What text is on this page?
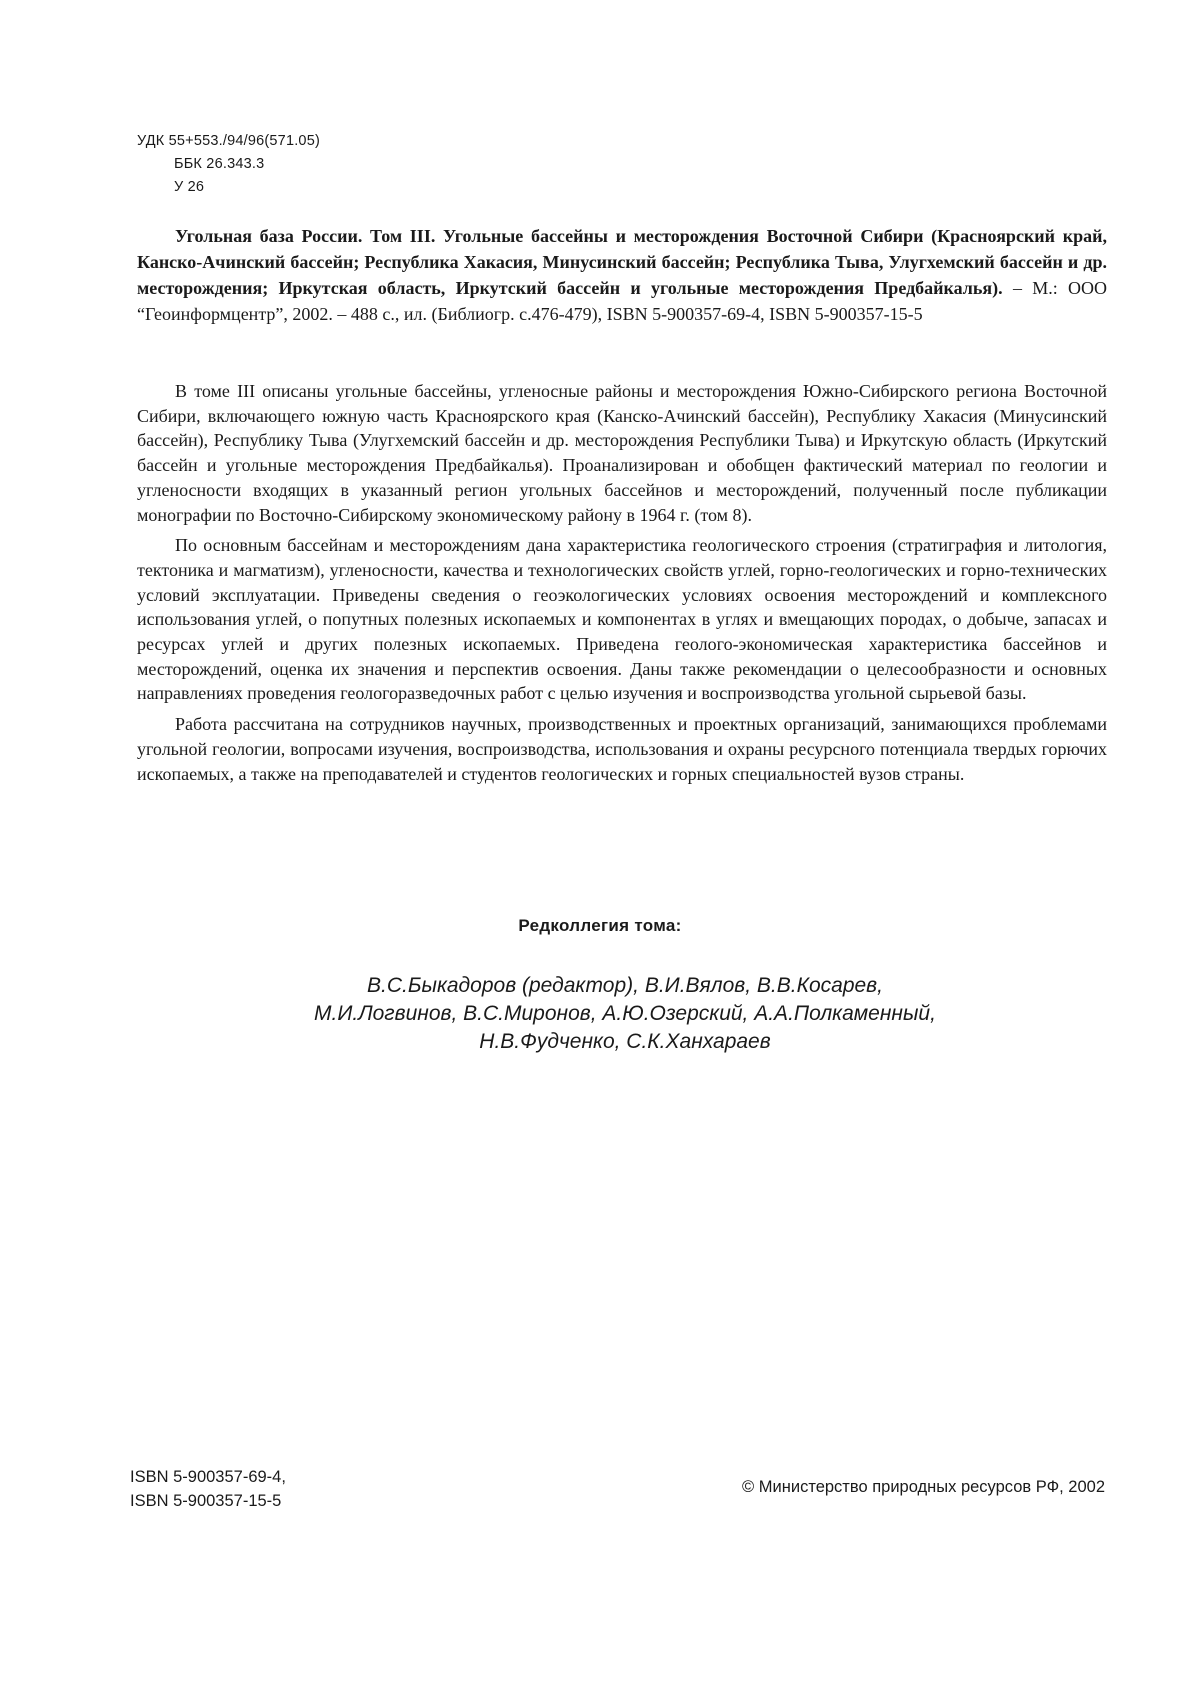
УДК 55+553./94/96(571.05)
ББК 26.343.3
У 26
Угольная база России. Том III. Угольные бассейны и месторождения Восточной Сибири (Красноярский край, Канско-Ачинский бассейн; Республика Хакасия, Минусинский бассейн; Республика Тыва, Улугхемский бассейн и др. месторождения; Иркутская область, Иркутский бассейн и угольные месторождения Предбайкалья). – М.: ООО “Геоинформцентр”, 2002. – 488 с., ил. (Библиогр. с.476-479), ISBN 5-900357-69-4, ISBN 5-900357-15-5

В томе III описаны угольные бассейны, угленосные районы и месторождения Южно-Сибирского региона Восточной Сибири, включающего южную часть Красноярского края (Канско-Ачинский бассейн), Республику Хакасия (Минусинский бассейн), Республику Тыва (Улугхемский бассейн и др. месторождения Республики Тыва) и Иркутскую область (Иркутский бассейн и угольные месторождения Предбайкалья). Проанализирован и обобщен фактический материал по геологии и угленосности входящих в указанный регион угольных бассейнов и месторождений, полученный после публикации монографии по Восточно-Сибирскому экономическому району в 1964 г. (том 8).

По основным бассейнам и месторождениям дана характеристика геологического строения (стратиграфия и литология, тектоника и магматизм), угленосности, качества и технологических свойств углей, горно-геологических и горно-технических условий эксплуатации. Приведены сведения о геоэкологических условиях освоения месторождений и комплексного использования углей, о попутных полезных ископаемых и компонентах в углях и вмещающих породах, о добыче, запасах и ресурсах углей и других полезных ископаемых. Приведена геолого-экономическая характеристика бассейнов и месторождений, оценка их значения и перспектив освоения. Даны также рекомендации о целесообразности и основных направлениях проведения геологоразведочных работ с целью изучения и воспроизводства угольной сырьевой базы.

Работа рассчитана на сотрудников научных, производственных и проектных организаций, занимающихся проблемами угольной геологии, вопросами изучения, воспроизводства, использования и охраны ресурсного потенциала твердых горючих ископаемых, а также на преподавателей и студентов геологических и горных специальностей вузов страны.

Редколлегия тома:
В.С.Быкадоров (редактор), В.И.Вялов, В.В.Косарев,
М.И.Логвинов, В.С.Миронов, А.Ю.Озерский, А.А.Полкаменный,
Н.В.Фудченко, С.К.Ханхараев
ISBN 5-900357-69-4,
ISBN 5-900357-15-5
© Министерство природных ресурсов РФ, 2002
